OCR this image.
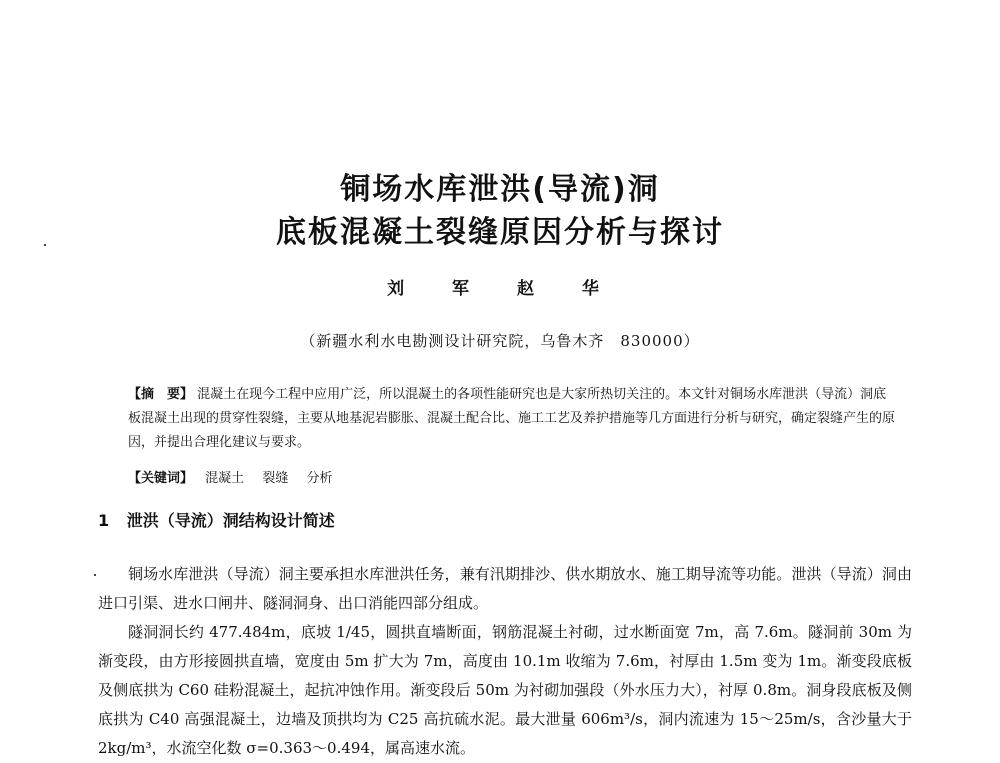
铜场水库泄洪(导流)洞
底板混凝土裂缝原因分析与探讨
刘 军 赵 华
（新疆水利水电勘测设计研究院，乌鲁木齐　830000）
【摘　要】 混凝土在现今工程中应用广泛，所以混凝土的各项性能研究也是大家所热切关注的。本文针对铜场水库泄洪（导流）洞底板混凝土出现的贯穿性裂缝，主要从地基泥岩膨胀、混凝土配合比、施工工艺及养护措施等几方面进行分析与研究，确定裂缝产生的原因，并提出合理化建议与要求。
【关键词】 混凝土 裂缝 分析
1 泄洪（导流）洞结构设计简述

铜场水库泄洪（导流）洞主要承担水库泄洪任务，兼有汛期排沙、供水期放水、施工期导流等功能。泄洪（导流）洞由进口引渠、进水口闸井、隧洞洞身、出口消能四部分组成。

隧洞洞长约 477.484m，底坡 1/45，圆拱直墙断面，钢筋混凝土衬砌，过水断面宽 7m，高 7.6m。隧洞前 30m 为渐变段，由方形接圆拱直墙，宽度由 5m 扩大为 7m，高度由 10.1m 收缩为 7.6m，衬厚由 1.5m 变为 1m。渐变段底板及侧底拱为 C60 硅粉混凝土，起抗冲蚀作用。渐变段后 50m 为衬砌加强段（外水压力大），衬厚 0.8m。洞身段底板及侧底拱为 C40 高强混凝土，边墙及顶拱均为 C25 高抗硫水泥。最大泄量 606m³/s，洞内流速为 15～25m/s，含沙量大于 2kg/m³，水流空化数 σ=0.363～0.494，属高速水流。
